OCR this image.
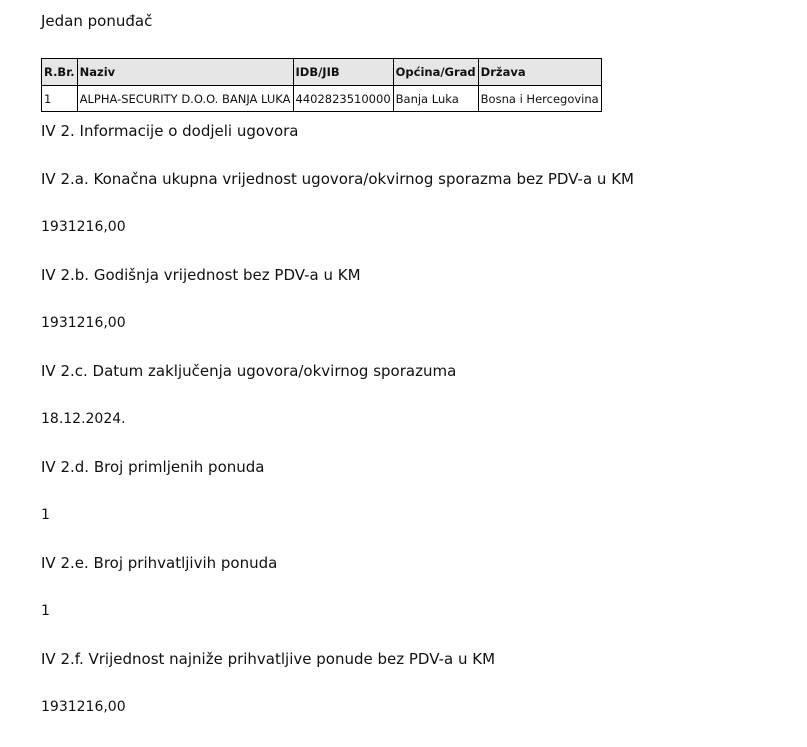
Jedan ponuđač

R.Br.	Naziv	IDB/JIB	Općina/Grad	Država
1	ALPHA-SECURITY D.O.O. BANJA LUKA	4402823510000	Banja Luka	Bosna i Hercegovina

IV 2. Informacije o dodjeli ugovora

IV 2.a. Konačna ukupna vrijednost ugovora/okvirnog sporazma bez PDV-a u KM

1931216,00

IV 2.b. Godišnja vrijednost bez PDV-a u KM

1931216,00

IV 2.c. Datum zaključenja ugovora/okvirnog sporazuma

18.12.2024.

IV 2.d. Broj primljenih ponuda

1

IV 2.e. Broj prihvatljivih ponuda

1

IV 2.f. Vrijednost najniže prihvatljive ponude bez PDV-a u KM

1931216,00
